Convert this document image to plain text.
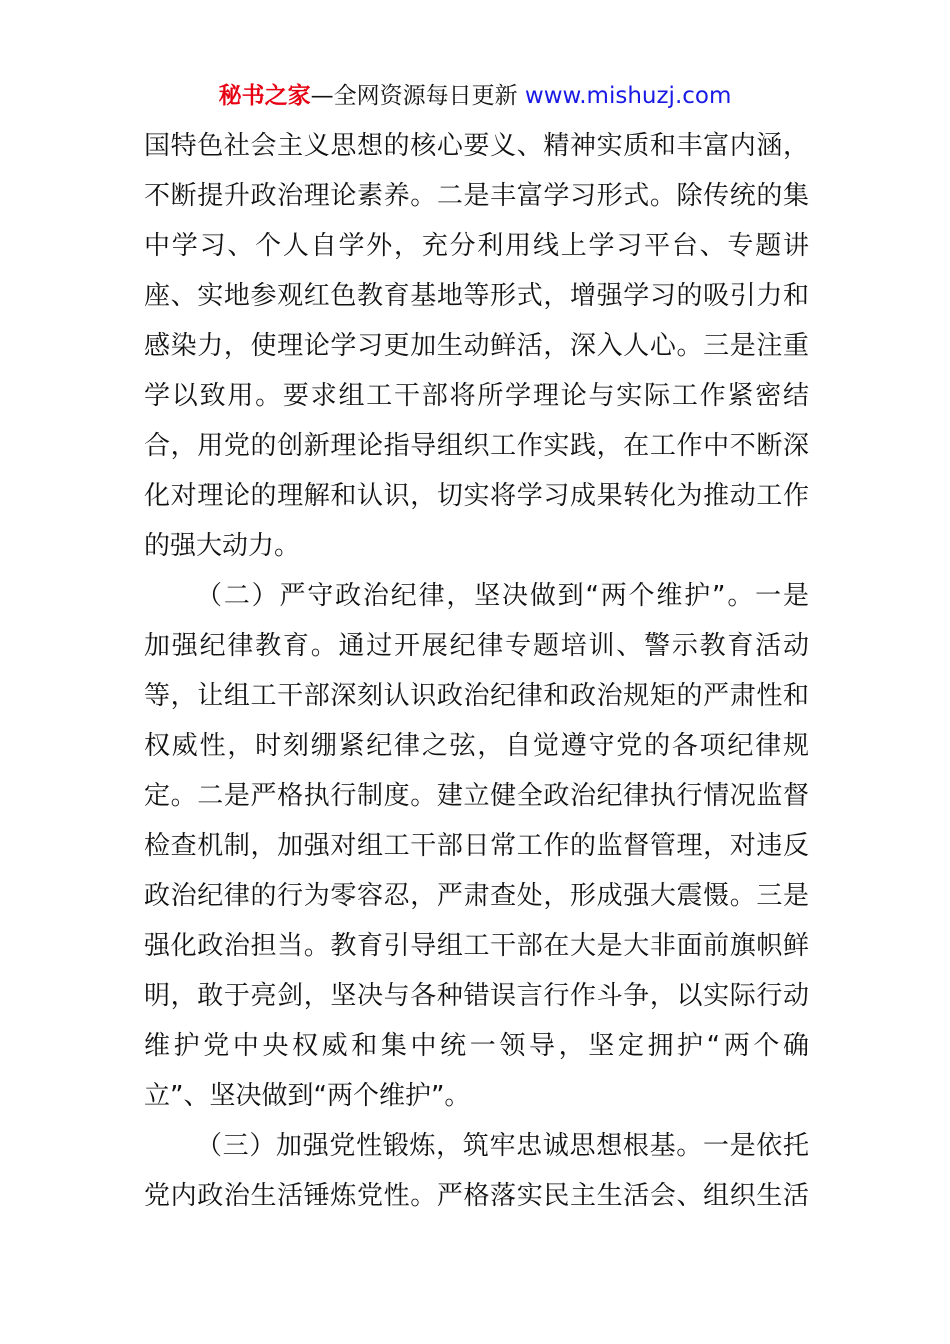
秘书之家—全网资源每日更新 www.mishuzj.com
国特色社会主义思想的核心要义、精神实质和丰富内涵，
不断提升政治理论素养。二是丰富学习形式。除传统的集
中学习、个人自学外，充分利用线上学习平台、专题讲
座、实地参观红色教育基地等形式，增强学习的吸引力和
感染力，使理论学习更加生动鲜活，深入人心。三是注重
学以致用。要求组工干部将所学理论与实际工作紧密结
合，用党的创新理论指导组织工作实践，在工作中不断深
化对理论的理解和认识，切实将学习成果转化为推动工作
的强大动力。
（二）严守政治纪律，坚决做到“两个维护”。一是
加强纪律教育。通过开展纪律专题培训、警示教育活动
等，让组工干部深刻认识政治纪律和政治规矩的严肃性和
权威性，时刻绷紧纪律之弦，自觉遵守党的各项纪律规
定。二是严格执行制度。建立健全政治纪律执行情况监督
检查机制，加强对组工干部日常工作的监督管理，对违反
政治纪律的行为零容忍，严肃查处，形成强大震慑。三是
强化政治担当。教育引导组工干部在大是大非面前旗帜鲜
明，敢于亮剑，坚决与各种错误言行作斗争，以实际行动
维护党中央权威和集中统一领导，坚定拥护“两个确
立”、坚决做到“两个维护”。
（三）加强党性锻炼，筑牢忠诚思想根基。一是依托
党内政治生活锤炼党性。严格落实民主生活会、组织生活
